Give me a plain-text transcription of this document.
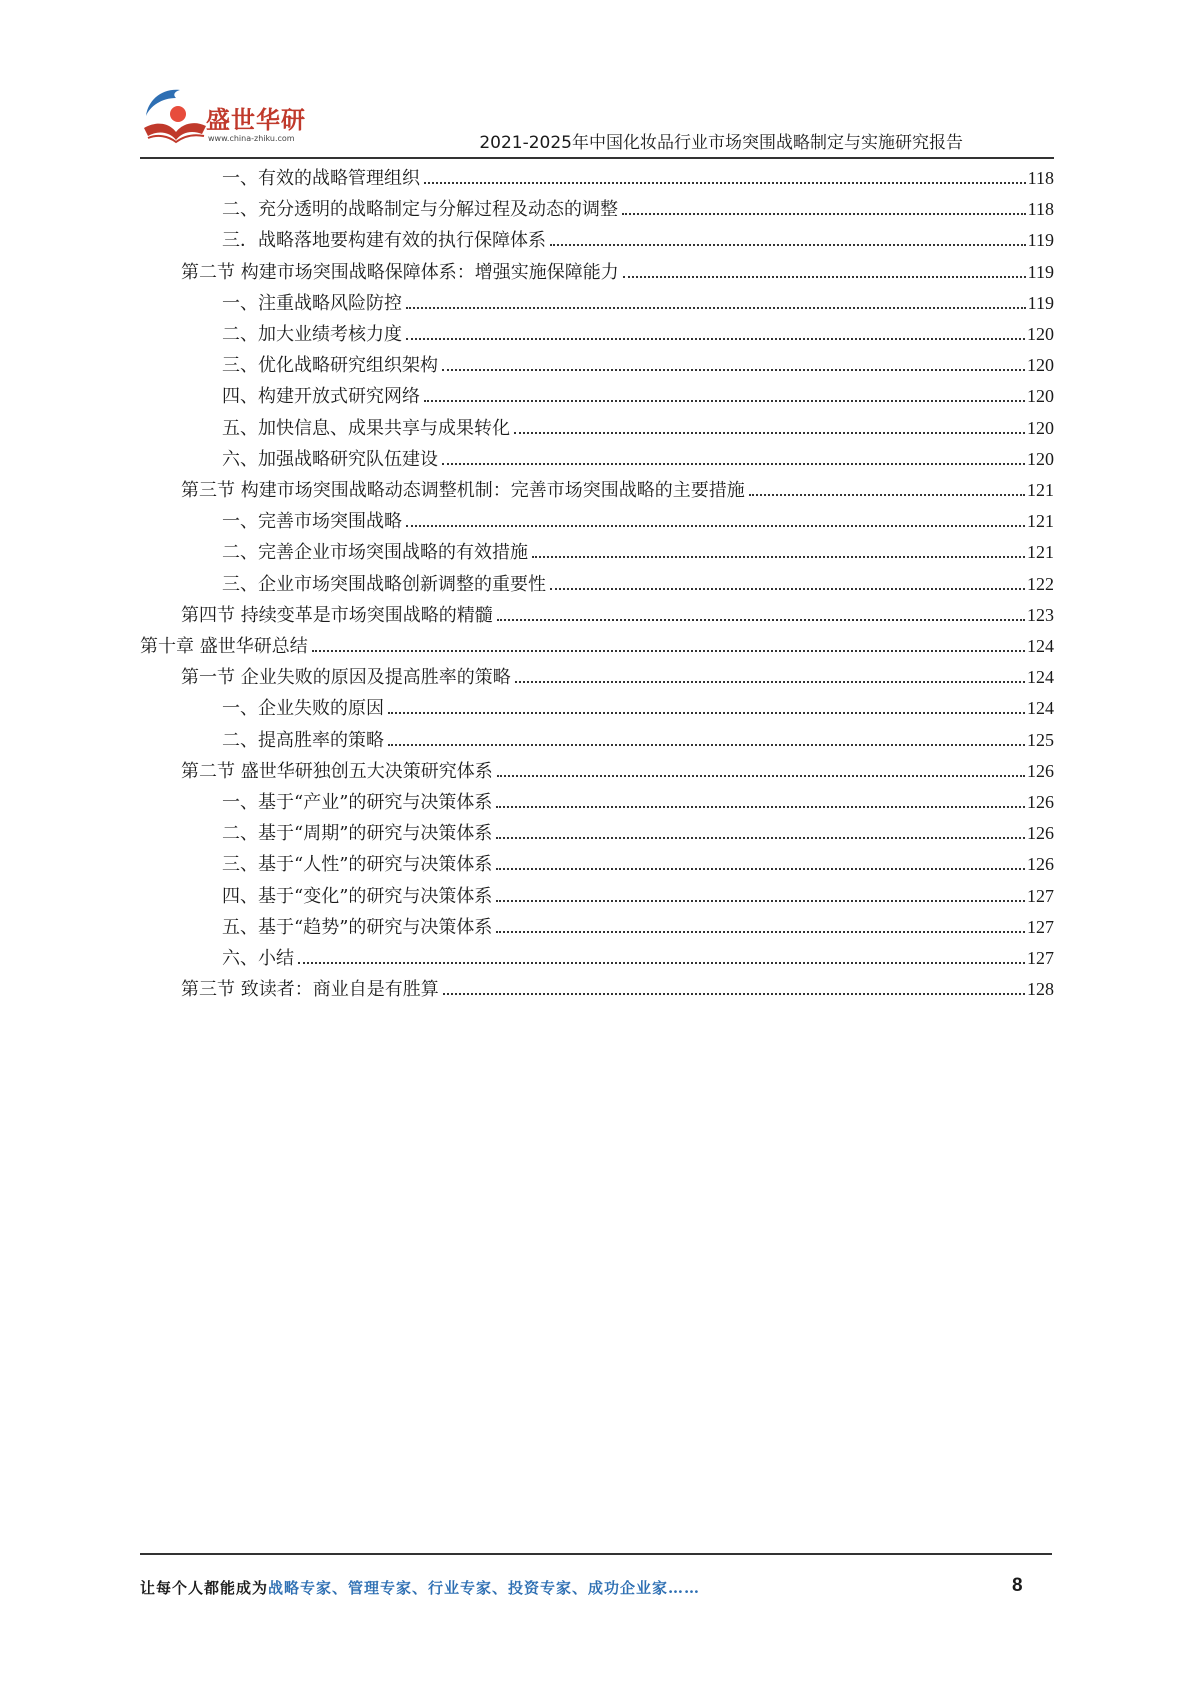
盛世华研
www.china-zhiku.com	2021-2025年中国化妆品行业市场突围战略制定与实施研究报告
一、有效的战略管理组织	118
二、充分透明的战略制定与分解过程及动态的调整	118
三．战略落地要构建有效的执行保障体系	119
第二节 构建市场突围战略保障体系：增强实施保障能力	119
一、注重战略风险防控	119
二、加大业绩考核力度	120
三、优化战略研究组织架构	120
四、构建开放式研究网络	120
五、加快信息、成果共享与成果转化	120
六、加强战略研究队伍建设	120
第三节 构建市场突围战略动态调整机制：完善市场突围战略的主要措施	121
一、完善市场突围战略	121
二、完善企业市场突围战略的有效措施	121
三、企业市场突围战略创新调整的重要性	122
第四节 持续变革是市场突围战略的精髓	123
第十章 盛世华研总结	124
第一节 企业失败的原因及提高胜率的策略	124
一、企业失败的原因	124
二、提高胜率的策略	125
第二节 盛世华研独创五大决策研究体系	126
一、基于“产业”的研究与决策体系	126
二、基于“周期”的研究与决策体系	126
三、基于“人性”的研究与决策体系	126
四、基于“变化”的研究与决策体系	127
五、基于“趋势”的研究与决策体系	127
六、小结	127
第三节 致读者：商业自是有胜算	128
让每个人都能成为战略专家、管理专家、行业专家、投资专家、成功企业家……	8
